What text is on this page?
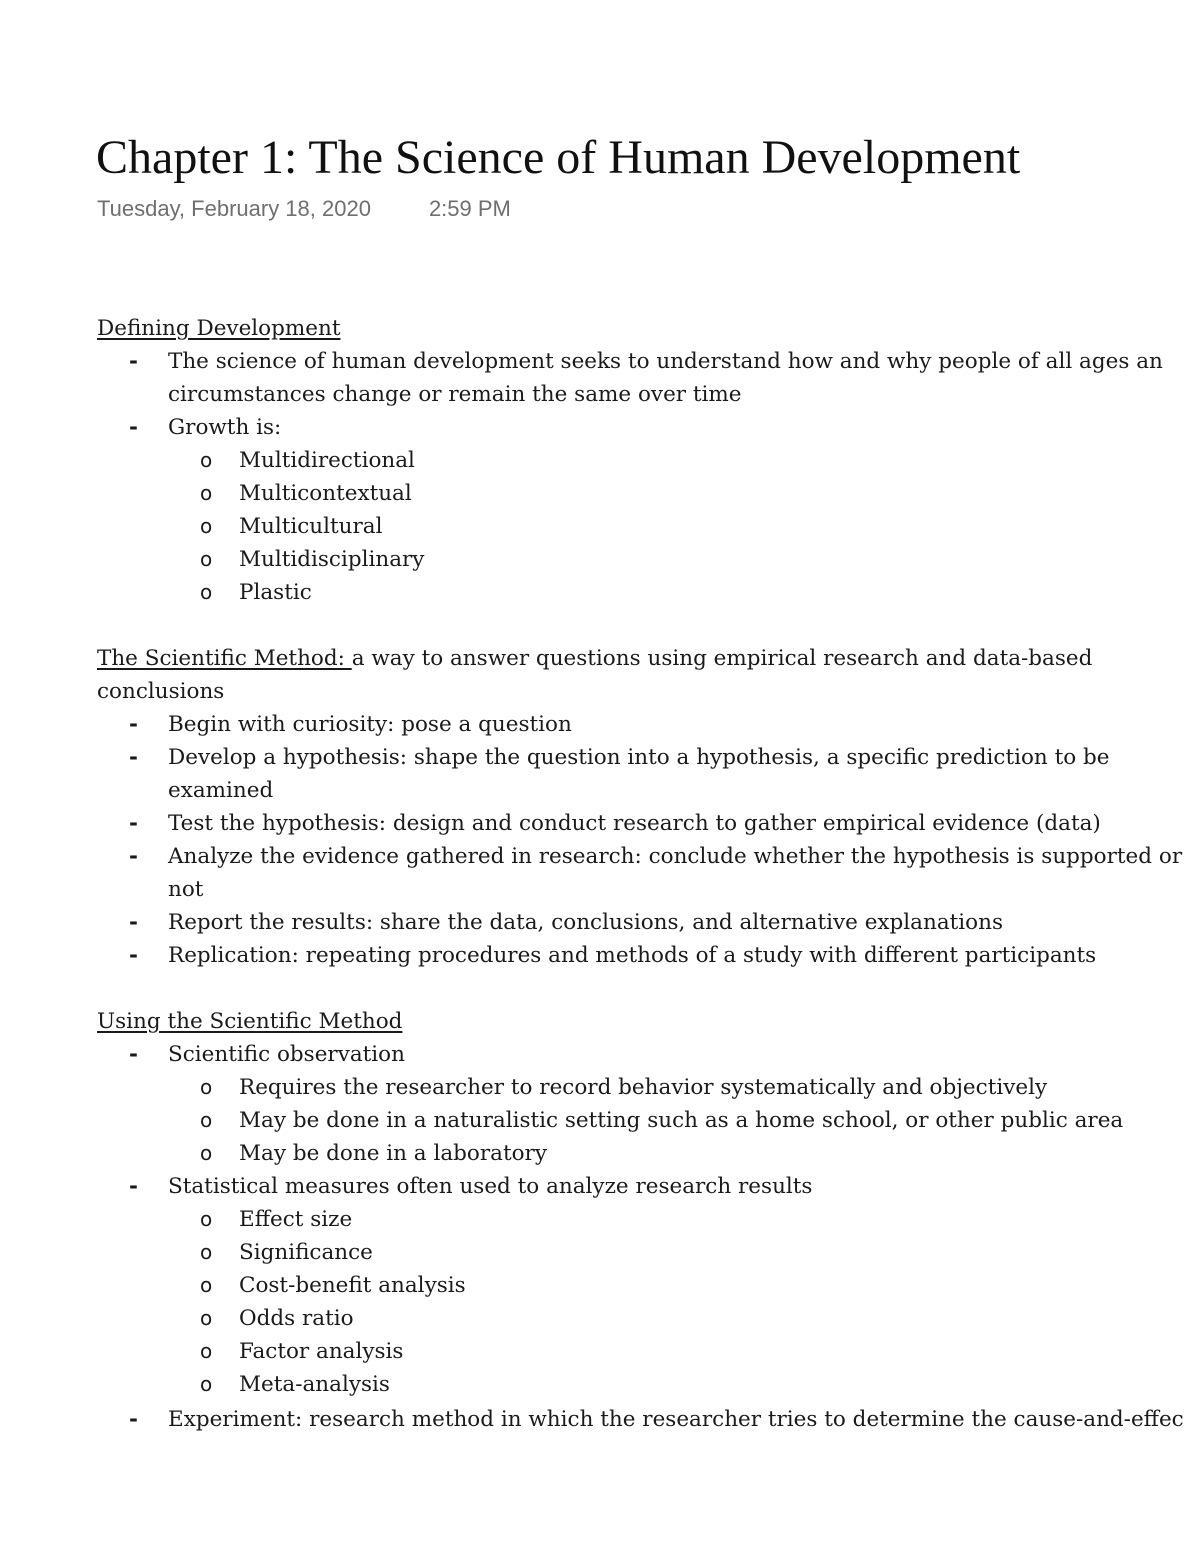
Chapter 1: The Science of Human Development
Tuesday, February 18, 2020	2:59 PM
Defining Development
- The science of human development seeks to understand how and why people of all ages an
circumstances change or remain the same over time
- Growth is:
o Multidirectional
o Multicontextual
o Multicultural
o Multidisciplinary
o Plastic
The Scientific Method: a way to answer questions using empirical research and data-based
conclusions
- Begin with curiosity: pose a question
- Develop a hypothesis: shape the question into a hypothesis, a specific prediction to be
examined
- Test the hypothesis: design and conduct research to gather empirical evidence (data)
- Analyze the evidence gathered in research: conclude whether the hypothesis is supported or
not
- Report the results: share the data, conclusions, and alternative explanations
- Replication: repeating procedures and methods of a study with different participants
Using the Scientific Method
- Scientific observation
o Requires the researcher to record behavior systematically and objectively
o May be done in a naturalistic setting such as a home school, or other public area
o May be done in a laboratory
- Statistical measures often used to analyze research results
o Effect size
o Significance
o Cost-benefit analysis
o Odds ratio
o Factor analysis
o Meta-analysis
- Experiment: research method in which the researcher tries to determine the cause-and-effec
